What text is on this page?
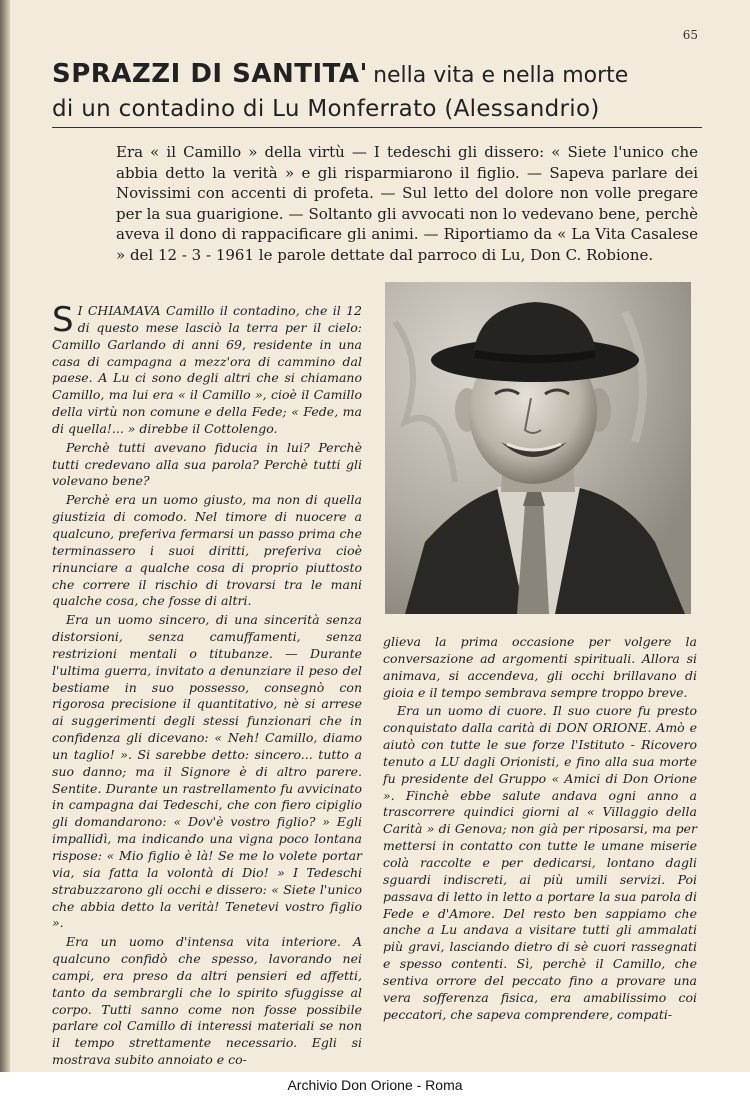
65
SPRAZZI DI SANTITA' nella vita e nella morte
di un contadino di Lu Monferrato (Alessandrio)
Era « il Camillo » della virtù — I tedeschi gli dissero: « Siete l'unico che abbia detto la verità » e gli risparmiarono il figlio. — Sapeva parlare dei Novissimi con accenti di profeta. — Sul letto del dolore non volle pregare per la sua guarigione. — Soltanto gli avvocati non lo vedevano bene, perchè aveva il dono di rappacificare gli animi. — Riportiamo da « La Vita Casalese » del 12 - 3 - 1961 le parole dettate dal parroco di Lu, Don C. Robione.

S I CHIAMAVA Camillo il contadino, che il 12 di questo mese lasciò la terra per il cielo: Camillo Garlando di anni 69, residente in una casa di campagna a mezz'ora di cammino dal paese. A Lu ci sono degli altri che si chiamano Camillo, ma lui era « il Camillo », cioè il Camillo della virtù non comune e della Fede; « Fede, ma di quella!... » direbbe il Cottolengo.

Perchè tutti avevano fiducia in lui? Perchè tutti credevano alla sua parola? Perchè tutti gli volevano bene?

Perchè era un uomo giusto, ma non di quella giustizia di comodo. Nel timore di nuocere a qualcuno, preferiva fermarsi un passo prima che terminassero i suoi diritti, preferiva cioè rinunciare a qualche cosa di proprio piuttosto che correre il rischio di trovarsi tra le mani qualche cosa, che fosse di altri.

Era un uomo sincero, di una sincerità senza distorsioni, senza camuffamenti, senza restrizioni mentali o titubanze. — Durante l'ultima guerra, invitato a denunziare il peso del bestiame in suo possesso, consegnò con rigorosa precisione il quantitativo, nè si arrese ai suggerimenti degli stessi funzionari che in confidenza gli dicevano: « Neh! Camillo, diamo un taglio! ». Si sarebbe detto: sincero... tutto a suo danno; ma il Signore è di altro parere. Sentite. Durante un rastrellamento fu avvicinato in campagna dai Tedeschi, che con fiero cipiglio gli domandarono: « Dov'è vostro figlio? » Egli impallidì, ma indicando una vigna poco lontana rispose: « Mio figlio è là! Se me lo volete portar via, sia fatta la volontà di Dio! » I Tedeschi strabuzzarono gli occhi e dissero: « Siete l'unico che abbia detto la verità! Tenetevi vostro figlio ».

Era un uomo d'intensa vita interiore. A qualcuno confidò che spesso, lavorando nei campi, era preso da altri pensieri ed affetti, tanto da sembrargli che lo spirito sfuggisse al corpo. Tutti sanno come non fosse possibile parlare col Camillo di interessi materiali se non il tempo strettamente necessario. Egli si mostrava subito annoiato e co-

glieva la prima occasione per volgere la conversazione ad argomenti spirituali. Allora si animava, si accendeva, gli occhi brillavano di gioia e il tempo sembrava sempre troppo breve.

Era un uomo di cuore. Il suo cuore fu presto conquistato dalla carità di DON ORIONE. Amò e aiutò con tutte le sue forze l'Istituto - Ricovero tenuto a LU dagli Orionisti, e fino alla sua morte fu presidente del Gruppo « Amici di Don Orione ». Finchè ebbe salute andava ogni anno a trascorrere quindici giorni al « Villaggio della Carità » di Genova; non già per riposarsi, ma per mettersi in contatto con tutte le umane miserie colà raccolte e per dedicarsi, lontano dagli sguardi indiscreti, ai più umili servizi. Poi passava di letto in letto a portare la sua parola di Fede e d'Amore. Del resto ben sappiamo che anche a Lu andava a visitare tutti gli ammalati più gravi, lasciando dietro di sè cuori rassegnati e spesso contenti. Sì, perchè il Camillo, che sentiva orrore del peccato fino a provare una vera sofferenza fisica, era amabilissimo coi peccatori, che sapeva comprendere, compati-

Archivio Don Orione - Roma
